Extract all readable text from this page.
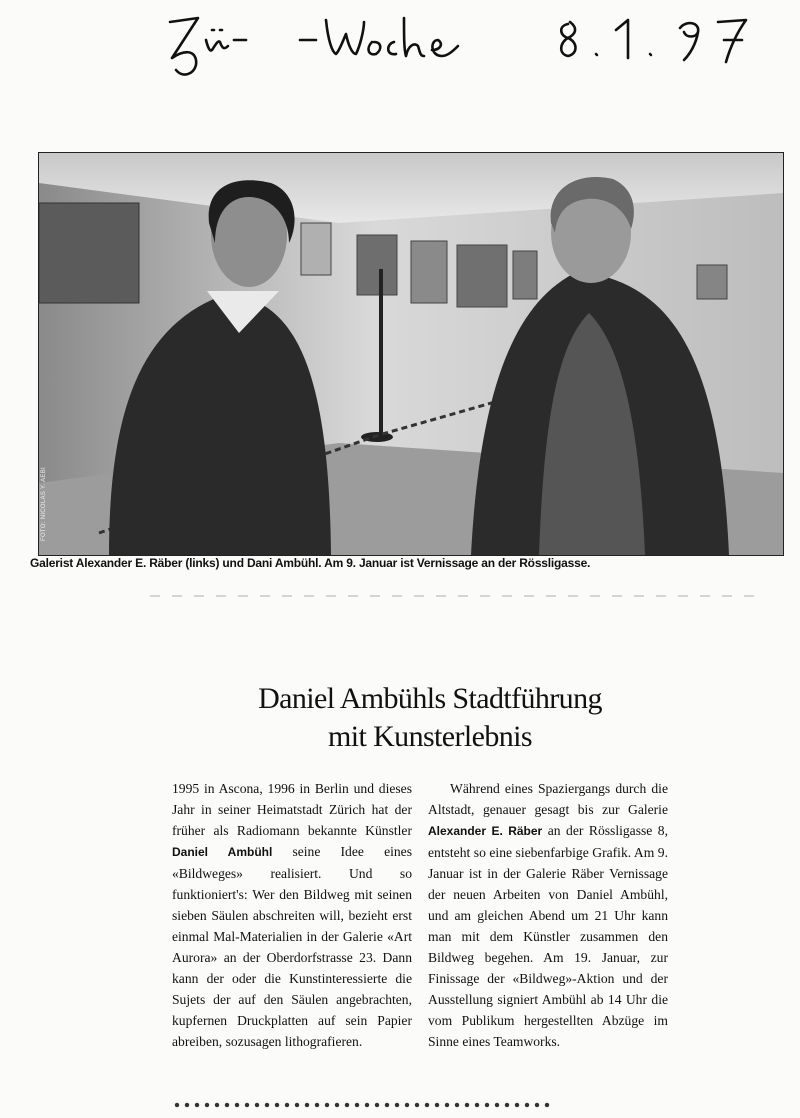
FOTO: NICOLAS Y. AEBI
Galerist Alexander E. Räber (links) und Dani Ambühl. Am 9. Januar ist Vernissage an der Rössligasse.
Daniel Ambühls Stadtführung
mit Kunsterlebnis
1995 in Ascona, 1996 in Berlin und dieses Jahr in seiner Heimatstadt Zürich hat der früher als Radiomann bekannte Künstler Daniel Ambühl seine Idee eines «Bildweges» realisiert. Und so funktioniert's: Wer den Bildweg mit seinen sieben Säulen abschreiten will, bezieht erst einmal Mal-Materialien in der Galerie «Art Aurora» an der Oberdorfstrasse 23. Dann kann der oder die Kunstinteressierte die Sujets der auf den Säulen angebrachten, kupfernen Druckplatten auf sein Papier abreiben, sozusagen lithografieren.
Während eines Spaziergangs durch die Altstadt, genauer gesagt bis zur Galerie Alexander E. Räber an der Rössligasse 8, entsteht so eine siebenfarbige Grafik. Am 9. Januar ist in der Galerie Räber Vernissage der neuen Arbeiten von Daniel Ambühl, und am gleichen Abend um 21 Uhr kann man mit dem Künstler zusammen den Bildweg begehen. Am 19. Januar, zur Finissage der «Bildweg»-Aktion und der Ausstellung signiert Ambühl ab 14 Uhr die vom Publikum hergestellten Abzüge im Sinne eines Teamworks.
